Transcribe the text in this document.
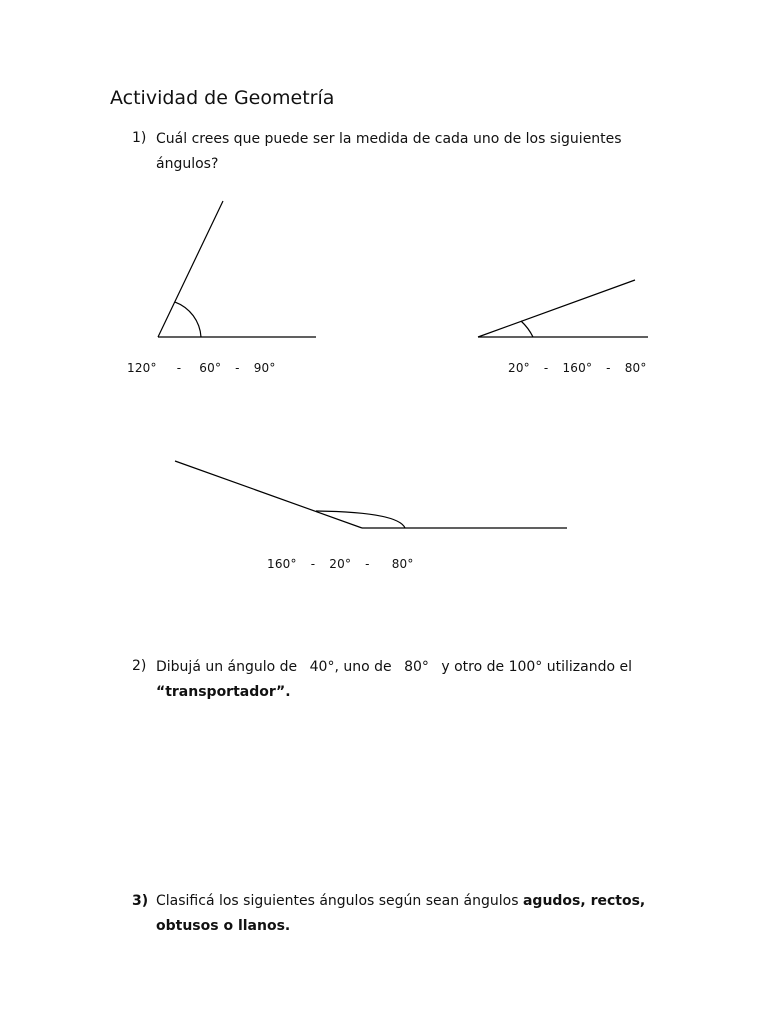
Actividad de Geometría
1) Cuál crees que puede ser la medida de cada uno de los siguientes
ángulos?
120° - 60° - 90°	20° - 160° - 80°
160° - 20° - 80°
2) Dibujá un ángulo de 40°, uno de 80° y otro de 100° utilizando el
“transportador”.
3) Clasificá los siguientes ángulos según sean ángulos agudos, rectos,
obtusos o llanos.
